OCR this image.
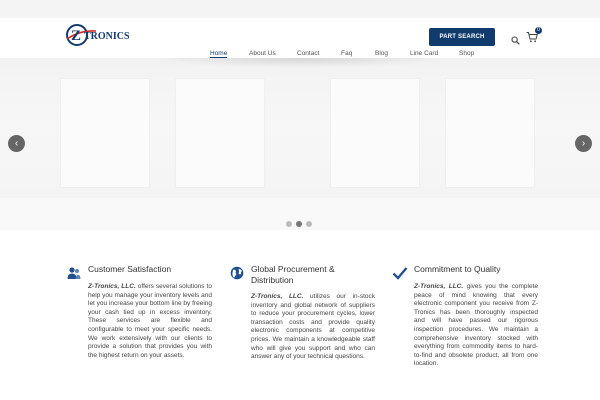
Z TRONICS	PART SEARCH
0
Home	About Us	Contact	Faq	Blog	Line Card	Shop
‹	›
Customer Satisfaction

Z-Tronics, LLC. offers several solutions to help you manage your inventory levels and let you increase your bottom line by freeing your cash tied up in excess inventory. These services are flexible and configurable to meet your specific needs. We work extensively with our clients to provide a solution that provides you with the highest return on your assets.

Global Procurement & Distribution

Z-Tronics, LLC. utilizes our in-stock inventory and global network of suppliers to reduce your procurement cycles, lower transaction costs and provide quality electronic components at competitive prices. We maintain a knowledgeable staff who will give you support and who can answer any of your technical questions.

Commitment to Quality

Z-Tronics, LLC. gives you the complete peace of mind knowing that every electronic component you receive from Z-Tronics has been thoroughly inspected and will have passed our rigorous inspection procedures. We maintain a comprehensive inventory stocked with everything from commodity items to hard-to-find and obsolete product, all from one location.
